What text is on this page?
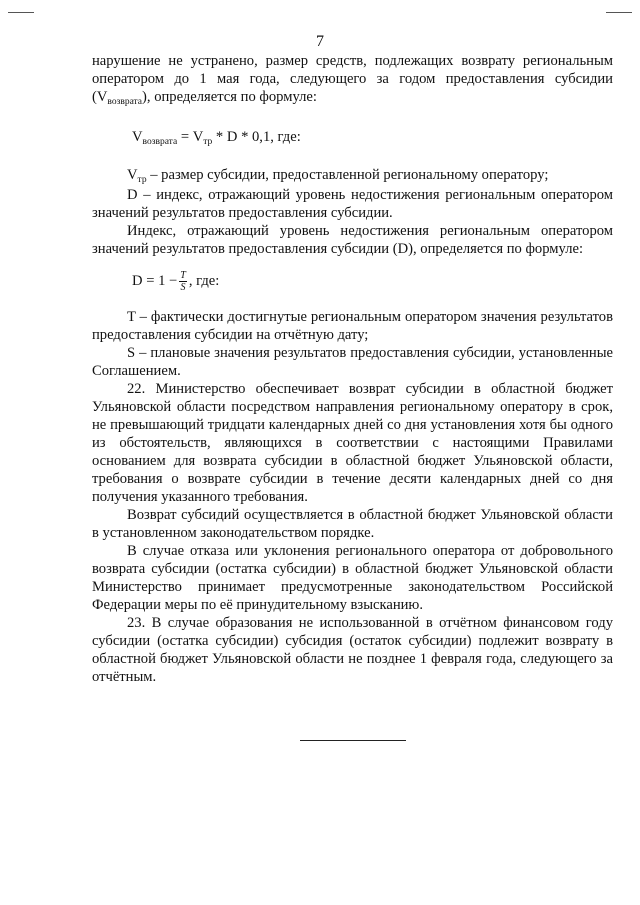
7

нарушение не устранено, размер средств, подлежащих возврату региональным оператором до 1 мая года, следующего за годом предоставления субсидии $(V_{возврата})$, определяется по формуле:

$V_{возврата} = V_{тр} * D * 0,1$, где:

$V_{тр}$ – размер субсидии, предоставленной региональному оператору;

D – индекс, отражающий уровень недостижения региональным оператором значений результатов предоставления субсидии.

Индекс, отражающий уровень недостижения региональным оператором значений результатов предоставления субсидии (D), определяется по формуле:

$D = 1 - \frac{T}{S}$ , где:

T – фактически достигнутые региональным оператором значения результатов предоставления субсидии на отчётную дату;

S – плановые значения результатов предоставления субсидии, установленные Соглашением.

22. Министерство обеспечивает возврат субсидии в областной бюджет Ульяновской области посредством направления региональному оператору в срок, не превышающий тридцати календарных дней со дня установления хотя бы одного из обстоятельств, являющихся в соответствии с настоящими Правилами основанием для возврата субсидии в областной бюджет Ульяновской области, требования о возврате субсидии в течение десяти календарных дней со дня получения указанного требования.

Возврат субсидий осуществляется в областной бюджет Ульяновской области в установленном законодательством порядке.

В случае отказа или уклонения регионального оператора от добровольного возврата субсидии (остатка субсидии) в областной бюджет Ульяновской области Министерство принимает предусмотренные законодательством Российской Федерации меры по её принудительному взысканию.

23. В случае образования не использованной в отчётном финансовом году субсидии (остатка субсидии) субсидия (остаток субсидии) подлежит возврату в областной бюджет Ульяновской области не позднее 1 февраля года, следующего за отчётным.
